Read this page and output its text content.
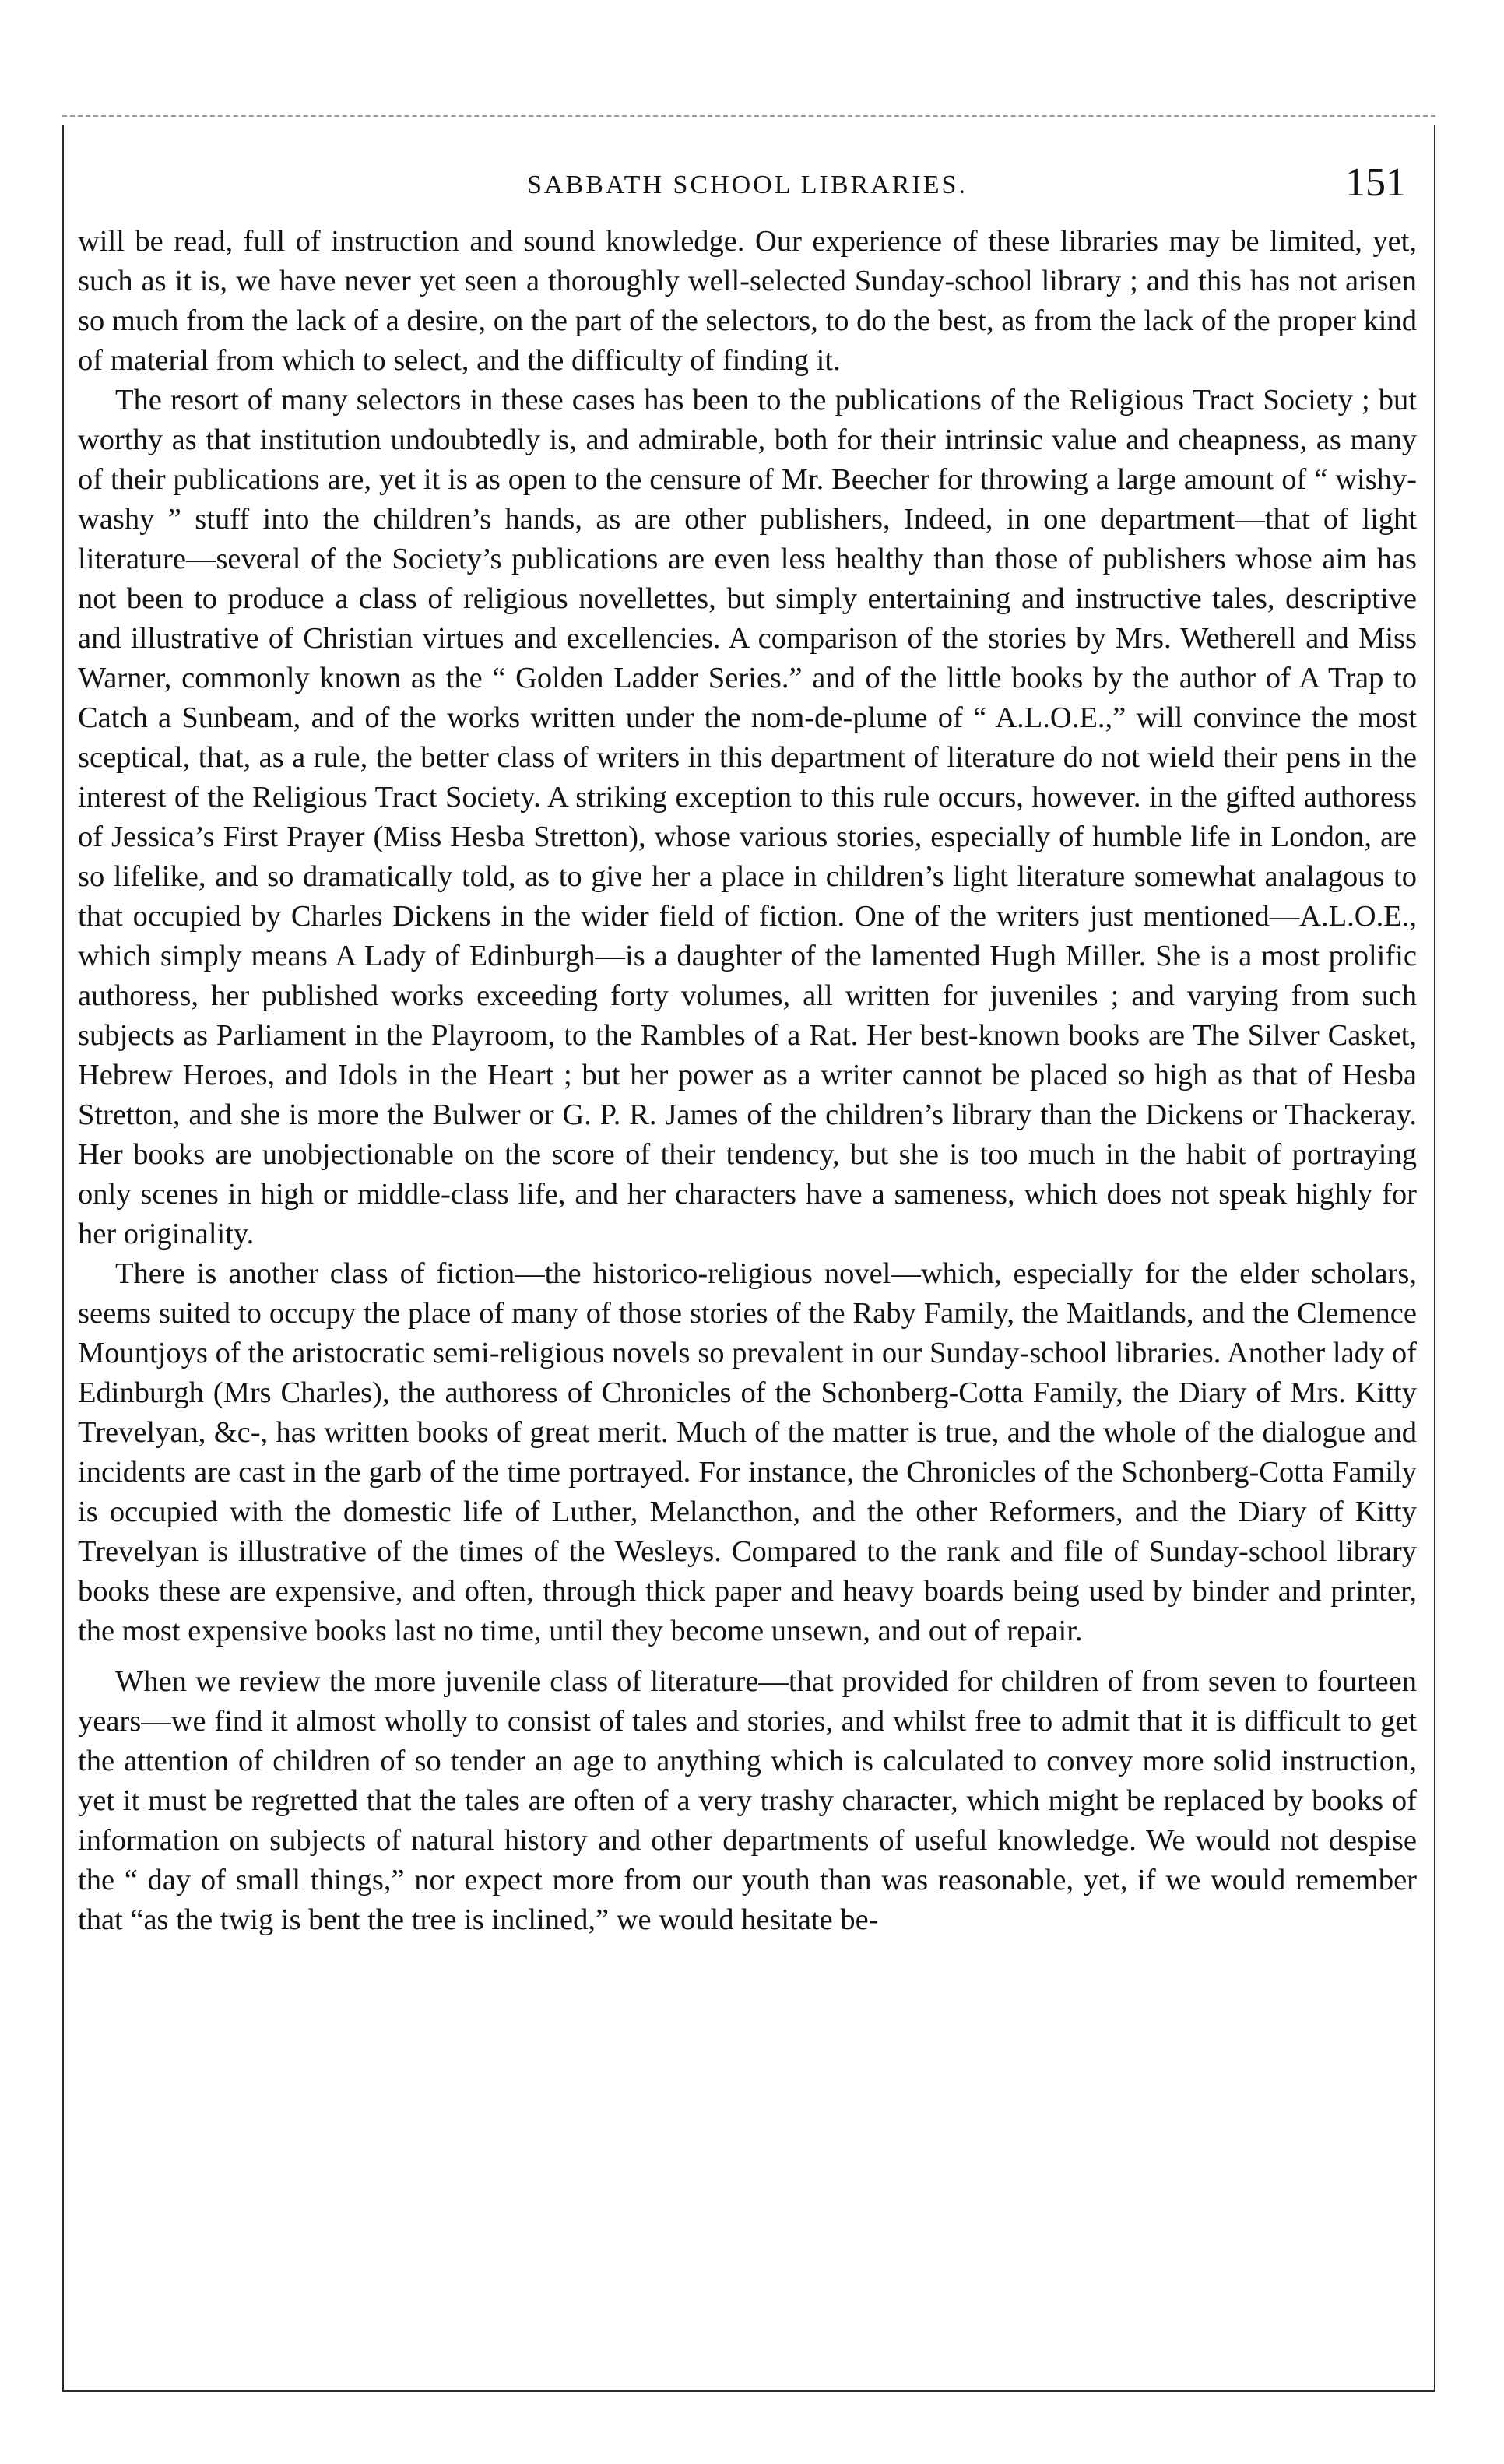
SABBATH SCHOOL LIBRARIES.	151

will be read, full of instruction and sound knowledge. Our experience of these libraries may be limited, yet, such as it is, we have never yet seen a thoroughly well-selected Sunday-school library ; and this has not arisen so much from the lack of a desire, on the part of the selectors, to do the best, as from the lack of the proper kind of material from which to select, and the difficulty of finding it.

The resort of many selectors in these cases has been to the publications of the Religious Tract Society ; but worthy as that institution undoubtedly is, and admirable, both for their intrinsic value and cheapness, as many of their publications are, yet it is as open to the censure of Mr. Beecher for throwing a large amount of “ wishy-washy ” stuff into the children’s hands, as are other publishers, Indeed, in one department—that of light literature—several of the Society’s publications are even less healthy than those of publishers whose aim has not been to produce a class of religious novellettes, but simply entertaining and instructive tales, descriptive and illustrative of Christian virtues and excellencies. A comparison of the stories by Mrs. Wetherell and Miss Warner, commonly known as the “ Golden Ladder Series.” and of the little books by the author of A Trap to Catch a Sunbeam, and of the works written under the nom-de-plume of “ A.L.O.E.,” will convince the most sceptical, that, as a rule, the better class of writers in this department of literature do not wield their pens in the interest of the Religious Tract Society. A striking exception to this rule occurs, however. in the gifted authoress of Jessica’s First Prayer (Miss Hesba Stretton), whose various stories, especially of humble life in London, are so lifelike, and so dramatically told, as to give her a place in children’s light literature somewhat analagous to that occupied by Charles Dickens in the wider field of fiction. One of the writers just mentioned—A.L.O.E., which simply means A Lady of Edinburgh—is a daughter of the lamented Hugh Miller. She is a most prolific authoress, her published works exceeding forty volumes, all written for juveniles ; and varying from such subjects as Parliament in the Playroom, to the Rambles of a Rat. Her best-known books are The Silver Casket, Hebrew Heroes, and Idols in the Heart ; but her power as a writer cannot be placed so high as that of Hesba Stretton, and she is more the Bulwer or G. P. R. James of the children’s library than the Dickens or Thackeray. Her books are unobjectionable on the score of their tendency, but she is too much in the habit of portraying only scenes in high or middle-class life, and her characters have a sameness, which does not speak highly for her originality.

There is another class of fiction—the historico-religious novel—which, especially for the elder scholars, seems suited to occupy the place of many of those stories of the Raby Family, the Maitlands, and the Clemence Mountjoys of the aristocratic semi-religious novels so prevalent in our Sunday-school libraries. Another lady of Edinburgh (Mrs Charles), the authoress of Chronicles of the Schonberg-Cotta Family, the Diary of Mrs. Kitty Trevelyan, &c-, has written books of great merit. Much of the matter is true, and the whole of the dialogue and incidents are cast in the garb of the time portrayed. For instance, the Chronicles of the Schonberg-Cotta Family is occupied with the domestic life of Luther, Melancthon, and the other Reformers, and the Diary of Kitty Trevelyan is illustrative of the times of the Wesleys. Compared to the rank and file of Sunday-school library books these are expensive, and often, through thick paper and heavy boards being used by binder and printer, the most expensive books last no time, until they become unsewn, and out of repair.

When we review the more juvenile class of literature—that provided for children of from seven to fourteen years—we find it almost wholly to consist of tales and stories, and whilst free to admit that it is difficult to get the attention of children of so tender an age to anything which is calculated to convey more solid instruction, yet it must be regretted that the tales are often of a very trashy character, which might be replaced by books of information on subjects of natural history and other departments of useful knowledge. We would not despise the “ day of small things,” nor expect more from our youth than was reasonable, yet, if we would remember that “as the twig is bent the tree is inclined,” we would hesitate be-
